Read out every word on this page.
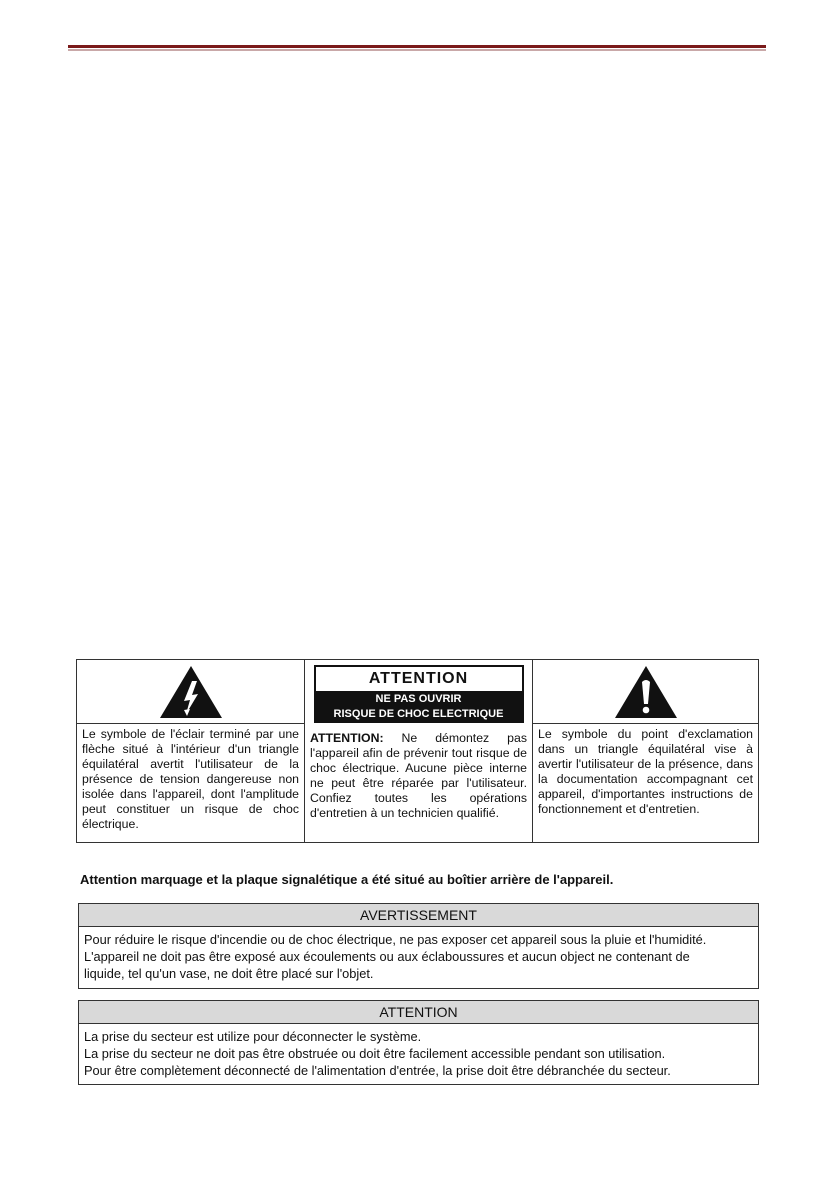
Le symbole de l'éclair terminé par une flèche situé à l'intérieur d'un triangle équilatéral avertit l'utilisateur de la présence de tension dangereuse non isolée dans l'appareil, dont l'amplitude peut constituer un risque de choc électrique.
ATTENTION
NE PAS OUVRIR
RISQUE DE CHOC ELECTRIQUE
ATTENTION: Ne démontez pas l'appareil afin de prévenir tout risque de choc électrique. Aucune pièce interne ne peut être réparée par l'utilisateur. Confiez toutes les opérations d'entretien à un technicien qualifié.
Le symbole du point d'exclamation dans un triangle équilatéral vise à avertir l'utilisateur de la présence, dans la documentation accompagnant cet appareil, d'importantes instructions de fonctionnement et d'entretien.
Attention marquage et la plaque signalétique a été situé au boîtier arrière de l'appareil.
AVERTISSEMENT
Pour réduire le risque d'incendie ou de choc électrique, ne pas exposer cet appareil sous la pluie et l'humidité.
L'appareil ne doit pas être exposé aux écoulements ou aux éclaboussures et aucun object ne contenant de
liquide, tel qu'un vase, ne doit être placé sur l'objet.
ATTENTION
La prise du secteur est utilize pour déconnecter le système.
La prise du secteur ne doit pas être obstruée ou doit être facilement accessible pendant son utilisation.
Pour être complètement déconnecté de l'alimentation d'entrée, la prise doit être débranchée du secteur.
